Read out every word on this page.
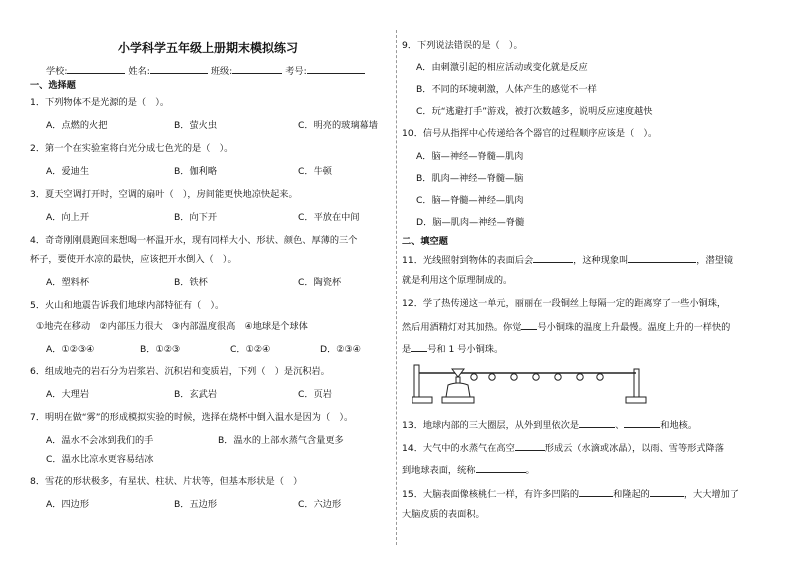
小学科学五年级上册期末模拟练习
学校:	姓名:	班级:	考号:
一、选择题
1．下列物体不是光源的是（　）。
A．点燃的火把	B．萤火虫	C．明亮的玻璃幕墙
2．第一个在实验室将白光分成七色光的是（　）。
A．爱迪生	B．伽利略	C．牛顿
3．夏天空调打开时，空调的扇叶（　），房间能更快地凉快起来。
A．向上开	B．向下开	C．平放在中间
4．奇奇刚刚晨跑回来想喝一杯温开水，现有同样大小、形状、颜色、厚薄的三个
杯子，要使开水凉的最快，应该把开水倒入（　）。
A．塑料杯	B．铁杯	C．陶瓷杯
5．火山和地震告诉我们地球内部特征有（　）。
①地壳在移动　②内部压力很大　③内部温度很高　④地球是个球体
A．①②③④	B．①②③	C．①②④	D．②③④
6．组成地壳的岩石分为岩浆岩、沉积岩和变质岩，下列（　）是沉积岩。
A．大理岩	B．玄武岩	C．页岩
7．明明在做“雾”的形成模拟实验的时候，选择在烧杯中倒入温水是因为（　）。
A．温水不会冰到我们的手	B．温水的上部水蒸气含量更多
C．温水比凉水更容易结冰
8．雪花的形状极多，有星状、柱状、片状等，但基本形状是（　）
A．四边形	B．五边形	C．六边形
9．下列说法错误的是（　）。
A．由刺激引起的相应活动或变化就是反应
B．不同的环境刺激，人体产生的感觉不一样
C．玩“逃避打手”游戏，被打次数越多，说明反应速度越快
10．信号从指挥中心传递给各个器官的过程顺序应该是（　）。
A．脑—神经—脊髓—肌肉
B．肌肉—神经—脊髓—脑
C．脑—脊髓—神经—肌肉
D．脑—肌肉—神经—脊髓
二、填空题
11．光线照射到物体的表面后会	，这种现象叫	，潜望镜
就是利用这个原理制成的。
12．学了热传递这一单元，丽丽在一段铜丝上每隔一定的距离穿了一些小铜珠，
然后用酒精灯对其加热。你觉 号小铜珠的温度上升最慢。温度上升的一样快的
是 号和 1 号小铜珠。
13．地球内部的三大圈层，从外到里依次是	、	和地核。
14．大气中的水蒸气在高空	形成云（水滴或冰晶），以雨、雪等形式降落
到地球表面，统称	。
15．大脑表面像核桃仁一样，有许多凹陷的	和隆起的	，大大增加了
大脑皮质的表面积。
